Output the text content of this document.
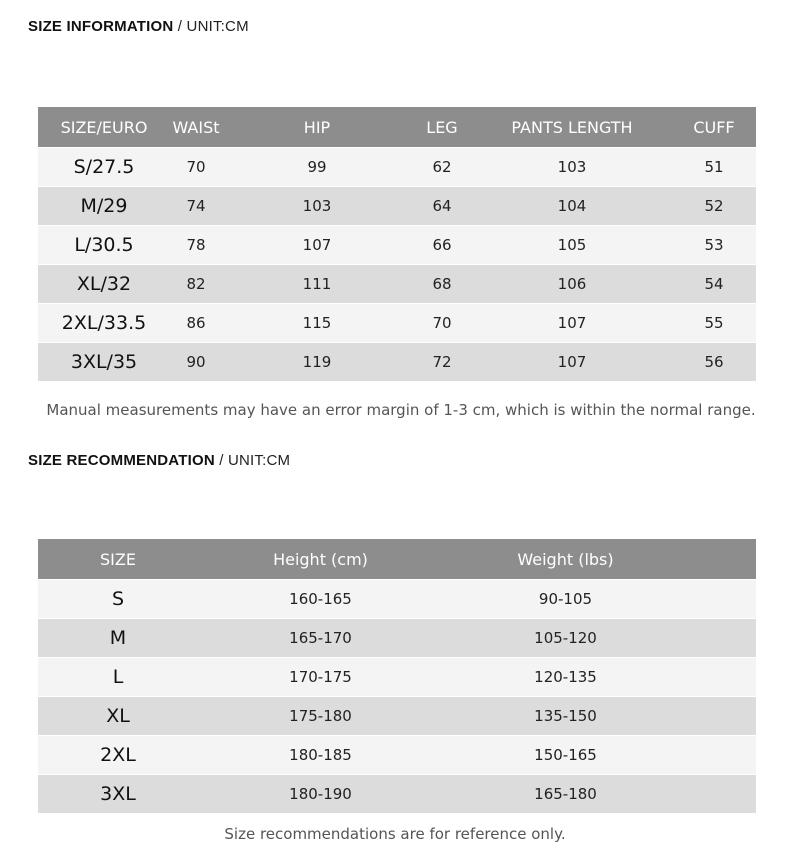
SIZE INFORMATION / UNIT:CM
SIZE/EURO	WAISt	HIP	LEG	PANTS LENGTH	CUFF
S/27.5	70	99	62	103	51
M/29	74	103	64	104	52
L/30.5	78	107	66	105	53
XL/32	82	111	68	106	54
2XL/33.5	86	115	70	107	55
3XL/35	90	119	72	107	56
Manual measurements may have an error margin of 1-3 cm, which is within the normal range.
SIZE RECOMMENDATION / UNIT:CM
SIZE	Height (cm)	Weight (lbs)	
S	160-165	90-105	
M	165-170	105-120	
L	170-175	120-135	
XL	175-180	135-150	
2XL	180-185	150-165	
3XL	180-190	165-180	
Size recommendations are for reference only.
